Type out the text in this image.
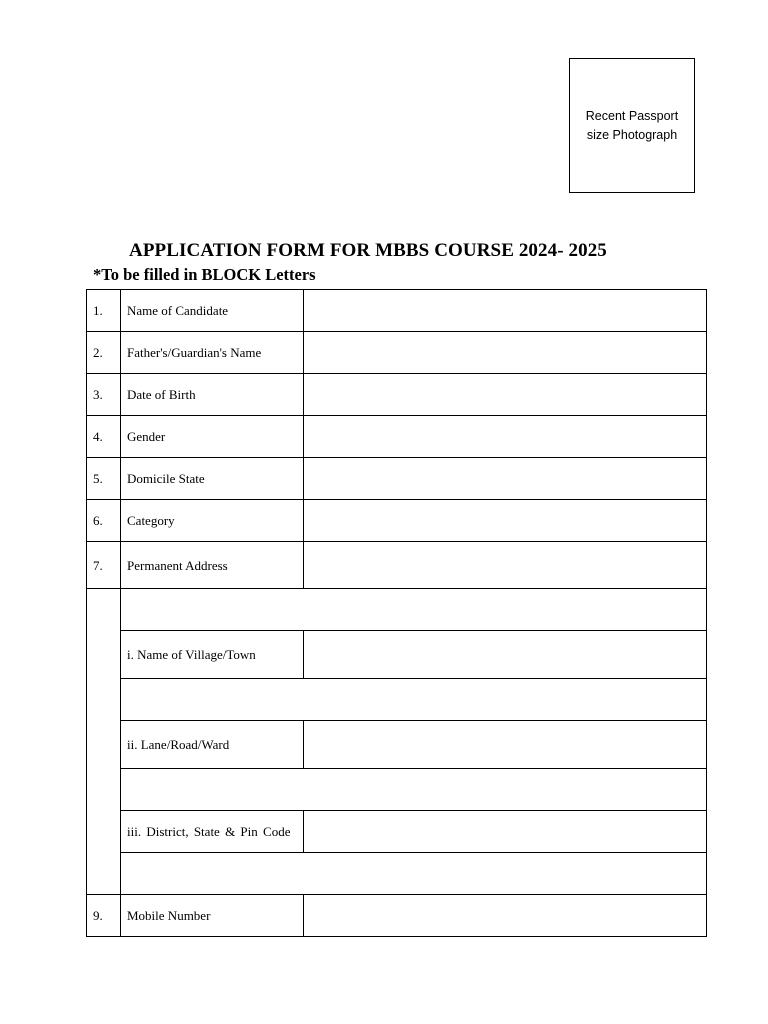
Recent Passport size Photograph
APPLICATION FORM FOR MBBS COURSE 2024- 2025
*To be filled in BLOCK Letters
1.	Name of Candidate	
2.	Father's/Guardian's Name	
3.	Date of Birth	
4.	Gender	
5.	Domicile State	
6.	Category	
7.	Permanent Address	

	i. Name of Village/Town	

	ii. Lane/Road/Ward	

	iii. District, State & Pin Code	

9.	Mobile Number	
